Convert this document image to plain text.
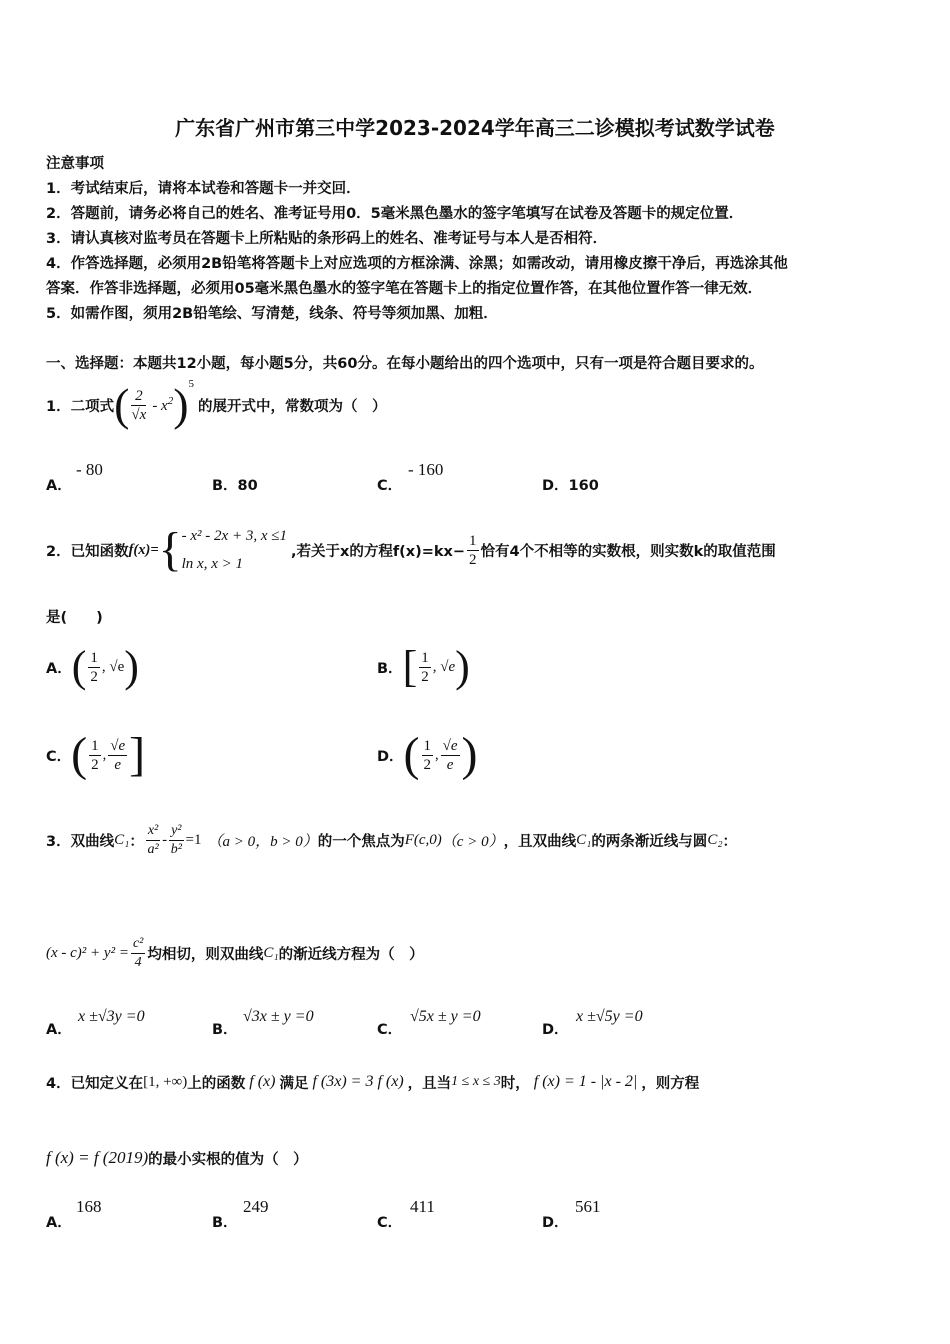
广东省广州市第三中学2023-2024学年高三二诊模拟考试数学试卷
注意事项
1．考试结束后，请将本试卷和答题卡一并交回．
2．答题前，请务必将自己的姓名、准考证号用0．5毫米黑色墨水的签字笔填写在试卷及答题卡的规定位置．
3．请认真核对监考员在答题卡上所粘贴的条形码上的姓名、准考证号与本人是否相符．
4．作答选择题，必须用2B铅笔将答题卡上对应选项的方框涂满、涂黑；如需改动，请用橡皮擦干净后，再选涂其他
答案．作答非选择题，必须用05毫米黑色墨水的签字笔在答题卡上的指定位置作答，在其他位置作答一律无效．
5．如需作图，须用2B铅笔绘、写清楚，线条、符号等须加黑、加粗．
一、选择题：本题共12小题，每小题5分，共60分。在每小题给出的四个选项中，只有一项是符合题目要求的。
1．二项式 ( $\frac{2}{√x} - x^2$ )$^5$
的展开式中，常数项为（　）
A．
- 80
B．80	C．
- 160
D．160
2．已知函数 f(x)= { - x² - 2x + 3, x ≤1
ln x, x > 1
,若关于x的方程$f(x)=kx- \frac{1}{2}$ 恰有4个不相等的实数根，则实数k的取值范围
是(　　)
A． ( $\frac{1}{2}$ , √e )	B． [ $\frac{1}{2}$ , √e )
C． ( $\frac{1}{2}$ , $\frac{√e}{e}$ ]	D． ( $\frac{1}{2}$ , $\frac{√e}{e}$ )
3．双曲线 C₁ ： $\frac{\text{x²}}{\text{a²}} - \frac{\text{y²}}{\text{b²}} =1$ （a > 0，b > 0） 的一个焦点为 F(c,0) （c > 0） ，且双曲线 C₁ 的两条渐近线与圆 C₂ ：
$(x - c)^2 + y^2 = \frac{\text{c²}}{4}$ 均相切，则双曲线 C₁ 的渐近线方程为（　）
A．
x ±√3y =0
B．
√3x ± y =0
C．
√5x ± y =0
D．
x ±√5y =0
4．已知定义在 [1, +∞) 上的函数 f (x) 满足 f (3x) = 3 f (x) ，且当 1 ≤ x ≤ 3 时， f (x) = 1 - |x - 2| ，则方程
f (x) = f (2019) 的最小实根的值为（　）
A．
168
B．
249
C．
411
D．
561
